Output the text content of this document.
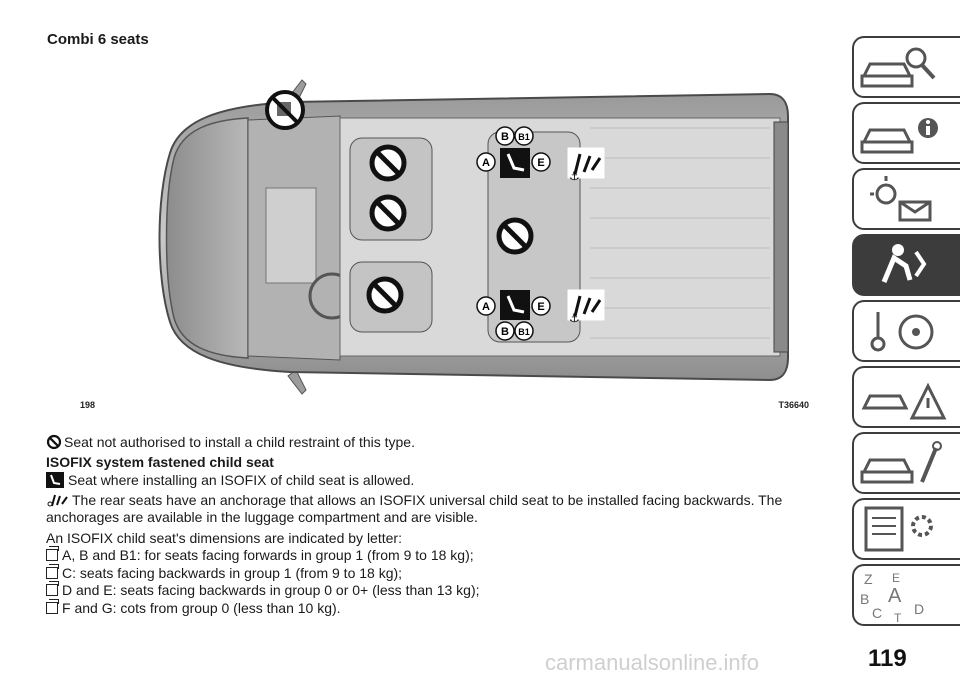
Combi 6 seats
⚓
⚓
B B1
A	E
A	E
B B1
198	T36640
Seat not authorised to install a child restraint of this type.
ISOFIX system fastened child seat
Seat where installing an ISOFIX of child seat is allowed.
The rear seats have an anchorage that allows an ISOFIX universal child seat to be installed facing backwards. The
anchorages are available in the luggage compartment and are visible.
An ISOFIX child seat's dimensions are indicated by letter:
A, B and B1: for seats facing forwards in group 1 (from 9 to 18 kg);
C: seats facing backwards in group 1 (from 9 to 18 kg);
D and E: seats facing backwards in group 0 or 0+ (less than 13 kg);
F and G: cots from group 0 (less than 10 kg).
Z E
B A
C D
T
119
carmanualsonline.info
